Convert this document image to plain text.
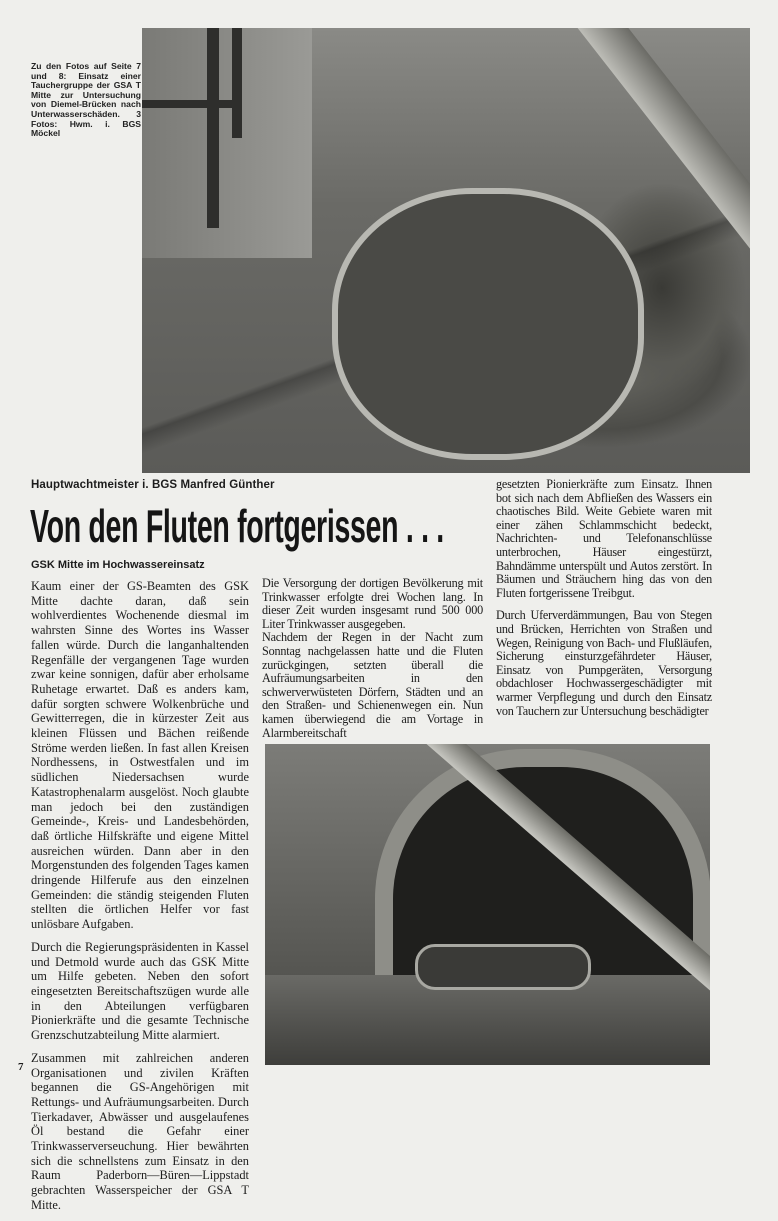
Zu den Fotos auf Seite 7 und 8: Einsatz einer Tauchergruppe der GSA T Mitte zur Untersuchung von Diemel-Brücken nach Unterwasserschäden. 3 Fotos: Hwm. i. BGS Möckel
Hauptwachtmeister i. BGS Manfred Günther
Von den Fluten fortgerissen . . .
GSK Mitte im Hochwassereinsatz

Kaum einer der GS-Beamten des GSK Mitte dachte daran, daß sein wohlverdientes Wochenende diesmal im wahrsten Sinne des Wortes ins Wasser fallen würde. Durch die langanhaltenden Regenfälle der vergangenen Tage wurden zwar keine sonnigen, dafür aber erholsame Ruhetage erwartet. Daß es anders kam, dafür sorgten schwere Wolkenbrüche und Gewitterregen, die in kürzester Zeit aus kleinen Flüssen und Bächen reißende Ströme werden ließen. In fast allen Kreisen Nordhessens, in Ostwestfalen und im südlichen Niedersachsen wurde Katastrophenalarm ausgelöst. Noch glaubte man jedoch bei den zuständigen Gemeinde-, Kreis- und Landesbehörden, daß örtliche Hilfskräfte und eigene Mittel ausreichen würden. Dann aber in den Morgenstunden des folgenden Tages kamen dringende Hilferufe aus den einzelnen Gemeinden: die ständig steigenden Fluten stellten die örtlichen Helfer vor fast unlösbare Aufgaben.

Durch die Regierungspräsidenten in Kassel und Detmold wurde auch das GSK Mitte um Hilfe gebeten. Neben den sofort eingesetzten Bereitschaftszügen wurde alle in den Abteilungen verfügbaren Pionierkräfte und die gesamte Technische Grenzschutzabteilung Mitte alarmiert.

Zusammen mit zahlreichen anderen Organisationen und zivilen Kräften begannen die GS-Angehörigen mit Rettungs- und Aufräumungsarbeiten. Durch Tierkadaver, Abwässer und ausgelaufenes Öl bestand die Gefahr einer Trinkwasserverseuchung. Hier bewährten sich die schnellstens zum Einsatz in den Raum Paderborn—Büren—Lippstadt gebrachten Wasserspeicher der GSA T Mitte.

Die Versorgung der dortigen Bevölkerung mit Trinkwasser erfolgte drei Wochen lang. In dieser Zeit wurden insgesamt rund 500 000 Liter Trinkwasser ausgegeben.

Nachdem der Regen in der Nacht zum Sonntag nachgelassen hatte und die Fluten zurückgingen, setzten überall die Aufräumungsarbeiten in den schwerverwüsteten Dörfern, Städten und an den Straßen- und Schienenwegen ein. Nun kamen überwiegend die am Vortage in Alarmbereitschaft

gesetzten Pionierkräfte zum Einsatz. Ihnen bot sich nach dem Abfließen des Wassers ein chaotisches Bild. Weite Gebiete waren mit einer zähen Schlammschicht bedeckt, Nachrichten- und Telefonanschlüsse unterbrochen, Häuser eingestürzt, Bahndämme unterspült und Autos zerstört. In Bäumen und Sträuchern hing das von den Fluten fortgerissene Treibgut.

Durch Uferverdämmungen, Bau von Stegen und Brücken, Herrichten von Straßen und Wegen, Reinigung von Bach- und Flußläufen, Sicherung einsturzgefährdeter Häuser, Einsatz von Pumpgeräten, Versorgung obdachloser Hochwassergeschädigter mit warmer Verpflegung und durch den Einsatz von Tauchern zur Untersuchung beschädigter

7
